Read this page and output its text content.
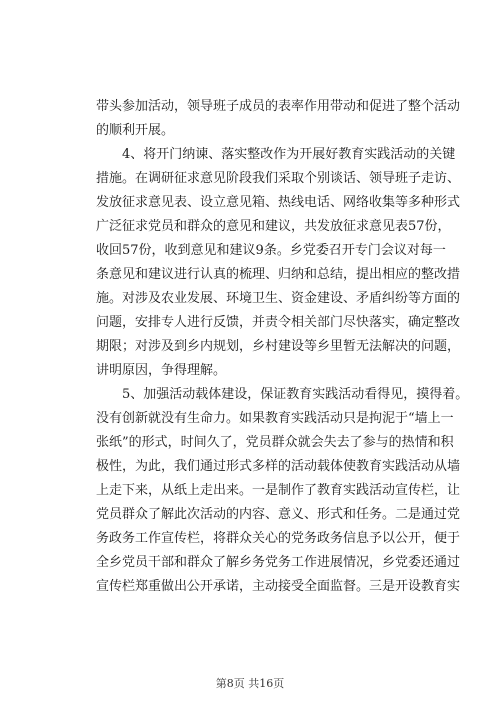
带头参加活动，领导班子成员的表率作用带动和促进了整个活动
的顺利开展。
4、将开门纳谏、落实整改作为开展好教育实践活动的关键
措施。在调研征求意见阶段我们采取个别谈话、领导班子走访、
发放征求意见表、设立意见箱、热线电话、网络收集等多种形式
广泛征求党员和群众的意见和建议，共发放征求意见表57份，
收回57份，收到意见和建议9条。乡党委召开专门会议对每一
条意见和建议进行认真的梳理、归纳和总结，提出相应的整改措
施。对涉及农业发展、环境卫生、资金建设、矛盾纠纷等方面的
问题，安排专人进行反馈，并责令相关部门尽快落实，确定整改
期限；对涉及到乡内规划，乡村建设等乡里暂无法解决的问题，
讲明原因，争得理解。
5、加强活动载体建设，保证教育实践活动看得见，摸得着。
没有创新就没有生命力。如果教育实践活动只是拘泥于“墙上一
张纸”的形式，时间久了，党员群众就会失去了参与的热情和积
极性，为此，我们通过形式多样的活动载体使教育实践活动从墙
上走下来，从纸上走出来。一是制作了教育实践活动宣传栏，让
党员群众了解此次活动的内容、意义、形式和任务。二是通过党
务政务工作宣传栏，将群众关心的党务政务信息予以公开，便于
全乡党员干部和群众了解乡务党务工作进展情况，乡党委还通过
宣传栏郑重做出公开承诺，主动接受全面监督。三是开设教育实
第8页 共16页
